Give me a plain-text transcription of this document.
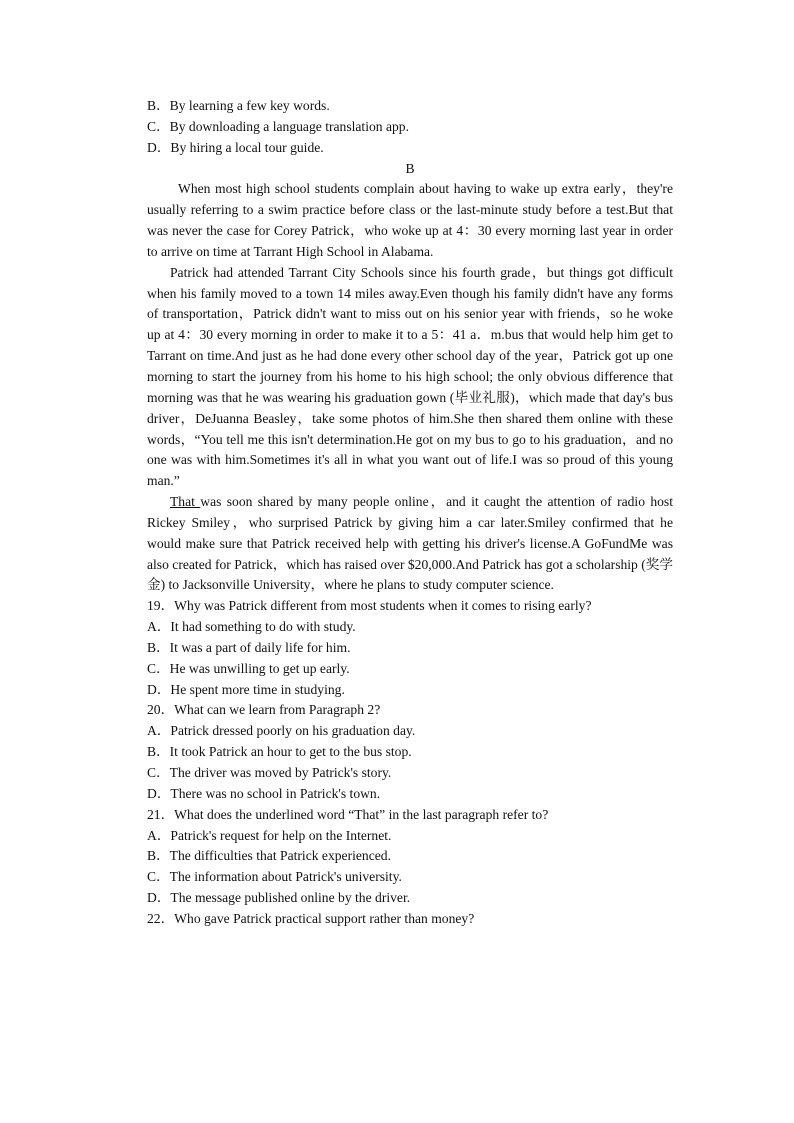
B．By learning a few key words.

C．By downloading a language translation app.

D．By hiring a local tour guide.

B

When most high school students complain about having to wake up extra early，they're usually referring to a swim practice before class or the last-minute study before a test.But that was never the case for Corey Patrick，who woke up at 4：30 every morning last year in order to arrive on time at Tarrant High School in Alabama.

Patrick had attended Tarrant City Schools since his fourth grade，but things got difficult when his family moved to a town 14 miles away.Even though his family didn't have any forms of transportation，Patrick didn't want to miss out on his senior year with friends，so he woke up at 4：30 every morning in order to make it to a 5：41 a．m.bus that would help him get to Tarrant on time.And just as he had done every other school day of the year，Patrick got up one morning to start the journey from his home to his high school; the only obvious difference that morning was that he was wearing his graduation gown (毕业礼服)，which made that day's bus driver，DeJuanna Beasley，take some photos of him.She then shared them online with these words，“You tell me this isn't determination.He got on my bus to go to his graduation，and no one was with him.Sometimes it's all in what you want out of life.I was so proud of this young man.”

That was soon shared by many people online，and it caught the attention of radio host Rickey Smiley，who surprised Patrick by giving him a car later.Smiley confirmed that he would make sure that Patrick received help with getting his driver's license.A GoFundMe was also created for Patrick，which has raised over $20,000.And Patrick has got a scholarship (奖学金) to Jacksonville University，where he plans to study computer science.

19．Why was Patrick different from most students when it comes to rising early?

A．It had something to do with study.

B．It was a part of daily life for him.

C．He was unwilling to get up early.

D．He spent more time in studying.

20．What can we learn from Paragraph 2?

A．Patrick dressed poorly on his graduation day.

B．It took Patrick an hour to get to the bus stop.

C．The driver was moved by Patrick's story.

D．There was no school in Patrick's town.

21．What does the underlined word “That” in the last paragraph refer to?

A．Patrick's request for help on the Internet.

B．The difficulties that Patrick experienced.

C．The information about Patrick's university.

D．The message published online by the driver.

22．Who gave Patrick practical support rather than money?
